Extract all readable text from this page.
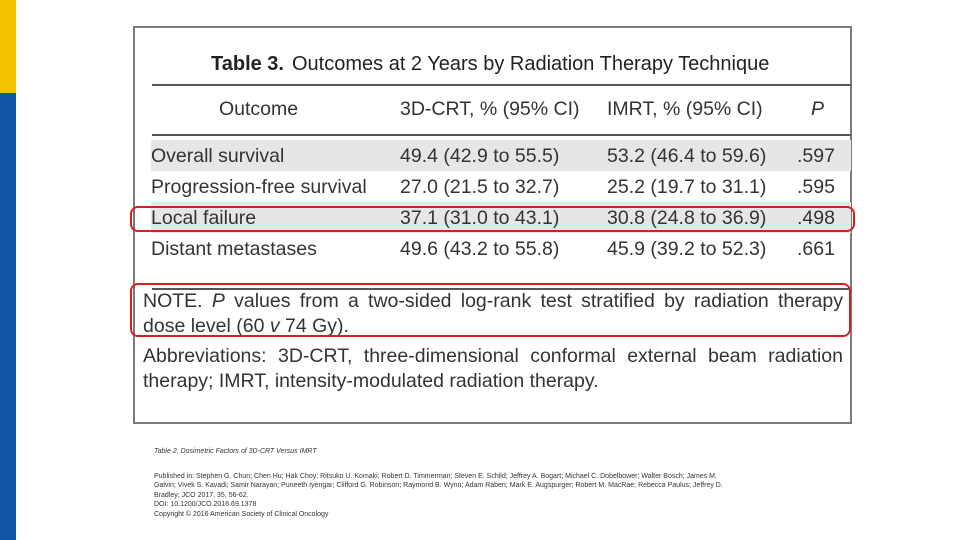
Table 3. Outcomes at 2 Years by Radiation Therapy Technique
Outcome	3D-CRT, % (95% CI) IMRT, % (95% CI) P
Overall survival	49.4 (42.9 to 55.5) 53.2 (46.4 to 59.6) .597
Progression-free survival 27.0 (21.5 to 32.7) 25.2 (19.7 to 31.1) .595
Local failure	37.1 (31.0 to 43.1) 30.8 (24.8 to 36.9) .498
Distant metastases	49.6 (43.2 to 55.8) 45.9 (39.2 to 52.3) .661
NOTE. P values from a two-sided log-rank test stratified by radiation therapy dose level (60 v 74 Gy).
Abbreviations: 3D-CRT, three-dimensional conformal external beam radiation therapy; IMRT, intensity-modulated radiation therapy.
Table 2. Dosimetric Factors of 3D-CRT Versus IMRT
Published in: Stephen G. Chun; Chen Hu; Hak Choy; Ritsuko U. Komaki; Robert D. Timmerman; Steven E. Schild; Jeffrey A. Bogart; Michael C. Dobelbower; Walter Bosch; James M.
Galvin; Vivek S. Kavadi; Samir Narayan; Puneeth Iyengar; Clifford G. Robinson; Raymond B. Wynn; Adam Raben; Mark E. Augspurger; Robert M. MacRae; Rebecca Paulus; Jeffrey D.
Bradley; JCO 2017, 35, 56-62.
DOI: 10.1200/JCO.2016.69.1378
Copyright © 2016 American Society of Clinical Oncology
